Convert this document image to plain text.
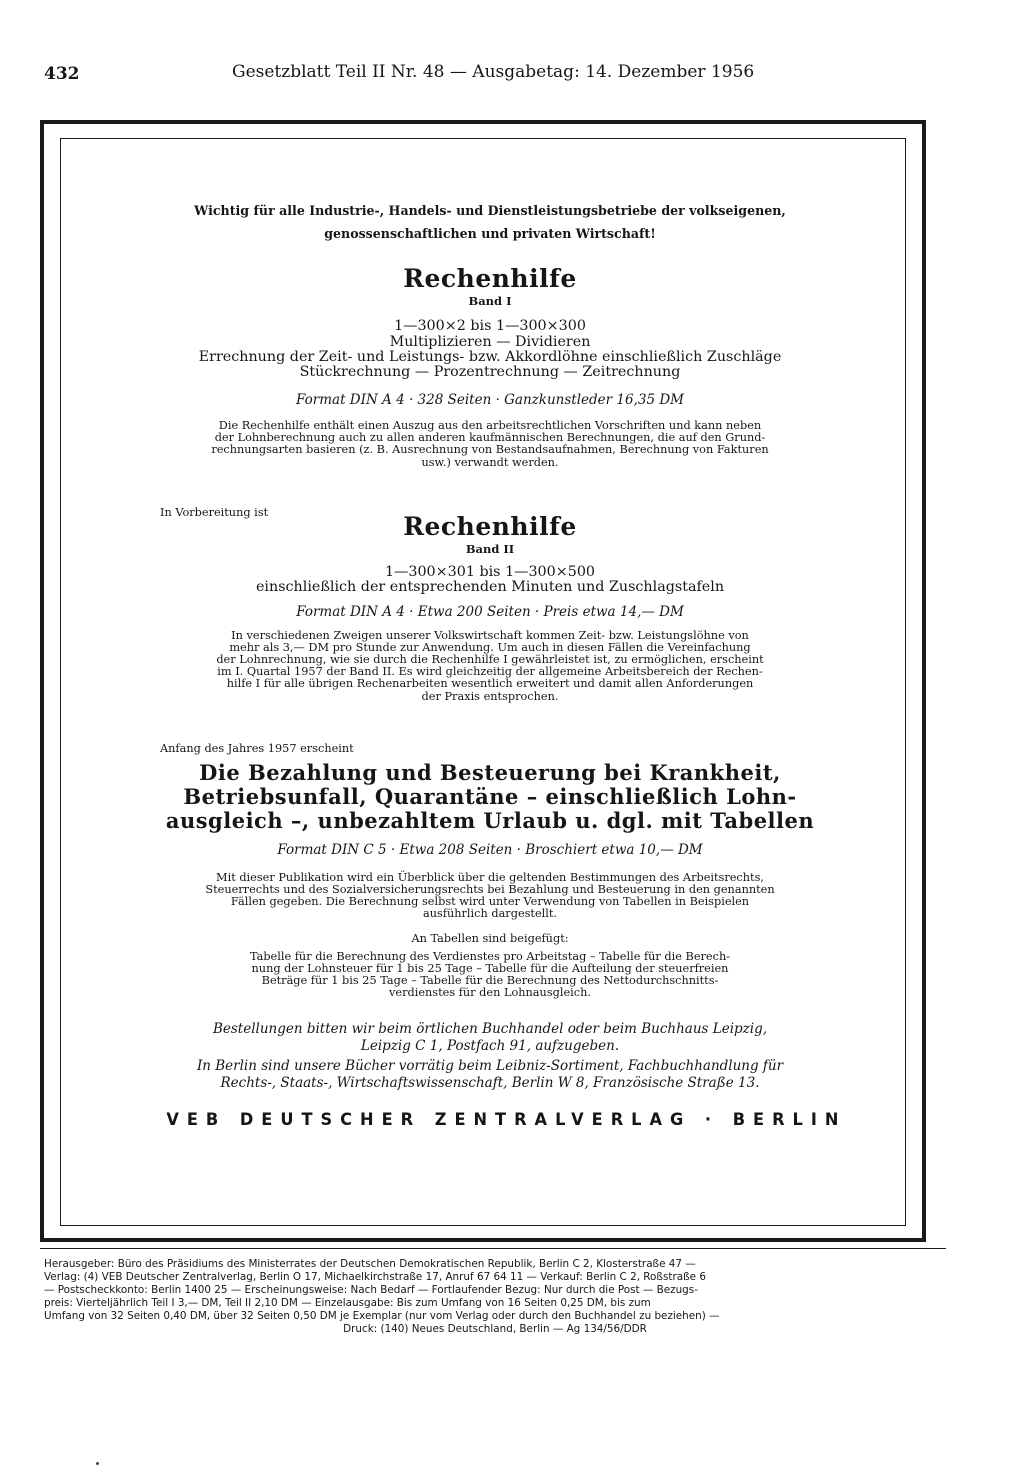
432	Gesetzblatt Teil II Nr. 48 — Ausgabetag: 14. Dezember 1956
Wichtig für alle Industrie-, Handels- und Dienstleistungsbetriebe der volkseigenen,
genossenschaftlichen und privaten Wirtschaft!
Rechenhilfe
Band I
1—300×2 bis 1—300×300
Multiplizieren — Dividieren
Errechnung der Zeit- und Leistungs- bzw. Akkordlöhne einschließlich Zuschläge
Stückrechnung — Prozentrechnung — Zeitrechnung
Format DIN A 4 · 328 Seiten · Ganzkunstleder 16,35 DM
Die Rechenhilfe enthält einen Auszug aus den arbeitsrechtlichen Vorschriften und kann neben
der Lohnberechnung auch zu allen anderen kaufmännischen Berechnungen, die auf den Grund-
rechnungsarten basieren (z. B. Ausrechnung von Bestandsaufnahmen, Berechnung von Fakturen
usw.) verwandt werden.
In Vorbereitung ist	Rechenhilfe
Band II
1—300×301 bis 1—300×500
einschließlich der entsprechenden Minuten und Zuschlagstafeln
Format DIN A 4 · Etwa 200 Seiten · Preis etwa 14,— DM
In verschiedenen Zweigen unserer Volkswirtschaft kommen Zeit- bzw. Leistungslöhne von
mehr als 3,— DM pro Stunde zur Anwendung. Um auch in diesen Fällen die Vereinfachung
der Lohnrechnung, wie sie durch die Rechenhilfe I gewährleistet ist, zu ermöglichen, erscheint
im I. Quartal 1957 der Band II. Es wird gleichzeitig der allgemeine Arbeitsbereich der Rechen-
hilfe I für alle übrigen Rechenarbeiten wesentlich erweitert und damit allen Anforderungen
der Praxis entsprochen.
Anfang des Jahres 1957 erscheint
Die Bezahlung und Besteuerung bei Krankheit,
Betriebsunfall, Quarantäne – einschließlich Lohn-
ausgleich –, unbezahltem Urlaub u. dgl. mit Tabellen
Format DIN C 5 · Etwa 208 Seiten · Broschiert etwa 10,— DM
Mit dieser Publikation wird ein Überblick über die geltenden Bestimmungen des Arbeitsrechts,
Steuerrechts und des Sozialversicherungsrechts bei Bezahlung und Besteuerung in den genannten
Fällen gegeben. Die Berechnung selbst wird unter Verwendung von Tabellen in Beispielen
ausführlich dargestellt.
An Tabellen sind beigefügt:
Tabelle für die Berechnung des Verdienstes pro Arbeitstag – Tabelle für die Berech-
nung der Lohnsteuer für 1 bis 25 Tage – Tabelle für die Aufteilung der steuerfreien
Beträge für 1 bis 25 Tage – Tabelle für die Berechnung des Nettodurchschnitts-
verdienstes für den Lohnausgleich.
Bestellungen bitten wir beim örtlichen Buchhandel oder beim Buchhaus Leipzig,
Leipzig C 1, Postfach 91, aufzugeben.
In Berlin sind unsere Bücher vorrätig beim Leibniz-Sortiment, Fachbuchhandlung für
Rechts-, Staats-, Wirtschaftswissenschaft, Berlin W 8, Französische Straße 13.
VEB DEUTSCHER ZENTRALVERLAG · BERLIN
Herausgeber: Büro des Präsidiums des Ministerrates der Deutschen Demokratischen Republik, Berlin C 2, Klosterstraße 47 —
Verlag: (4) VEB Deutscher Zentralverlag, Berlin O 17, Michaelkirchstraße 17, Anruf 67 64 11 — Verkauf: Berlin C 2, Roßstraße 6
— Postscheckkonto: Berlin 1400 25 — Erscheinungsweise: Nach Bedarf — Fortlaufender Bezug: Nur durch die Post — Bezugs-
preis: Vierteljährlich Teil I 3,— DM, Teil II 2,10 DM — Einzelausgabe: Bis zum Umfang von 16 Seiten 0,25 DM, bis zum
Umfang von 32 Seiten 0,40 DM, über 32 Seiten 0,50 DM je Exemplar (nur vom Verlag oder durch den Buchhandel zu beziehen) —
Druck: (140) Neues Deutschland, Berlin — Ag 134/56/DDR
